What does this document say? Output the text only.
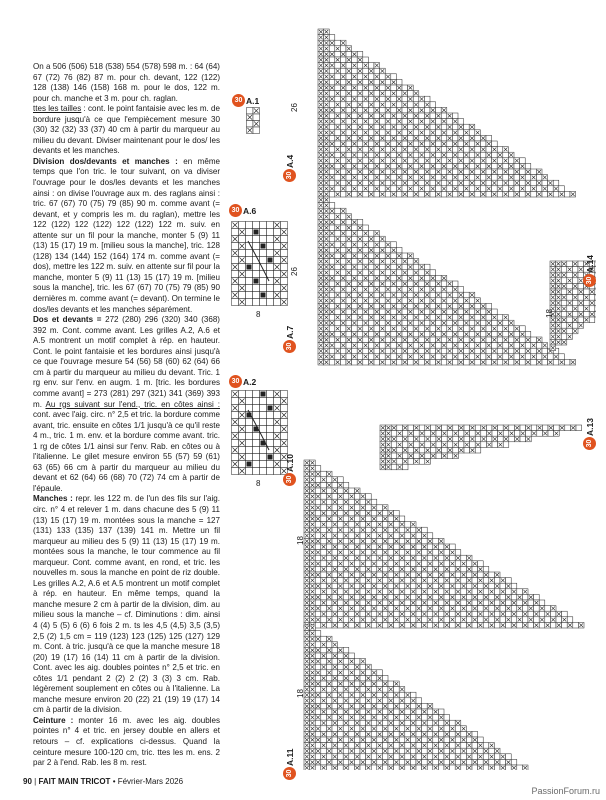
On a 506 (506) 518 (538) 554 (578) 598 m. : 64 (64) 67 (72) 76 (82) 87 m. pour ch. devant, 122 (122) 128 (138) 146 (158) 168 m. pour le dos, 122 m. pour ch. manche et 3 m. pour ch. raglan.

ttes les tailles : cont. le point fantaisie avec les m. de bordure jusqu'à ce que l'empiècement mesure 30 (30) 32 (32) 33 (37) 40 cm à partir du marqueur au milieu du devant. Diviser maintenant pour le dos/ les devants et les manches.

Division dos/devants et manches : en même temps que l'on tric. le tour suivant, on va diviser l'ouvrage pour le dos/les devants et les manches ainsi : on divise l'ouvrage aux m. des raglans ainsi : tric. 67 (67) 70 (75) 79 (85) 90 m. comme avant (= devant, et y compris les m. du raglan), mettre les 122 (122) 122 (122) 122 (122) 122 m. suiv. en attente sur un fil pour la manche, monter 5 (9) 11 (13) 15 (17) 19 m. [milieu sous la manche], tric. 128 (128) 134 (144) 152 (164) 174 m. comme avant (= dos), mettre les 122 m. suiv. en attente sur fil pour la manche, monter 5 (9) 11 (13) 15 (17) 19 m. [milieu sous la manche], tric. les 67 (67) 70 (75) 79 (85) 90 dernières m. comme avant (= devant). On termine le dos/les devants et les manches séparément.

Dos et devants = 272 (280) 296 (320) 340 (368) 392 m. Cont. comme avant. Les grilles A.2, A.6 et A.5 montrent un motif complet à rép. en hauteur. Cont. le point fantaisie et les bordures ainsi jusqu'à ce que l'ouvrage mesure 54 (56) 58 (60) 62 (64) 66 cm à partir du marqueur au milieu du devant. Tric. 1 rg env. sur l'env. en augm. 1 m. [tric. les bordures comme avant] = 273 (281) 297 (321) 341 (369) 393 m. Au rgs suivant sur l'end., tric. en côtes ainsi : cont. avec l'aig. circ. n° 2,5 et tric. la bordure comme avant, tric. ensuite en côtes 1/1 jusqu'à ce qu'il reste 4 m., tric. 1 m. env. et la bordure comme avant. tric. 1 rg de côtes 1/1 ainsi sur l'env. Rab. en côtes ou à l'italienne. Le gilet mesure environ 55 (57) 59 (61) 63 (65) 66 cm à partir du marqueur au milieu du devant et 62 (64) 66 (68) 70 (72) 74 cm à partir de l'épaule.

Manches : repr. les 122 m. de l'un des fils sur l'aig. circ. n° 4 et relever 1 m. dans chacune des 5 (9) 11 (13) 15 (17) 19 m. montées sous la manche = 127 (131) 133 (135) 137 (139) 141 m. Mettre un fil marqueur au milieu des 5 (9) 11 (13) 15 (17) 19 m. montées sous la manche, le tour commence au fil marqueur. Cont. comme avant, en rond, et tric. les nouvelles m. sous la manche en point de riz double. Les grilles A.2, A.6 et A.5 montrent un motif complet à rép. en hauteur. En même temps, quand la manche mesure 2 cm à partir de la division, dim. au milieu sous la manche – cf. Diminutions : dim. ainsi 4 (4) 5 (5) 6 (6) 6 fois 2 m. ts les 4,5 (4,5) 3,5 (3,5) 2,5 (2) 1,5 cm = 119 (123) 123 (125) 125 (127) 129 m. Cont. à tric. jusqu'à ce que la manche mesure 18 (20) 19 (17) 16 (14) 11 cm à partir de la division. Cont. avec les aig. doubles pointes n° 2,5 et tric. en côtes 1/1 pendant 2 (2) 2 (2) 3 (3) 3 cm. Rab. légèrement souplement en côtes ou à l'italienne. La manche mesure environ 20 (22) 21 (19) 19 (17) 14 cm à partir de la division.

Ceinture : monter 16 m. avec les aig. doubles pointes n° 4 et tric. en jersey double en allers et retours – cf. explications ci-dessus. Quand la ceinture mesure 100-120 cm, tric. ttes les m. ens. 2 par 2 à l'end. Rab. les 8 m. rest.

30 A.1
30 A.6
8
30 A.2
8
30
A.4
30
A.7
30
A.14
30
A.13
30
A.10
30
A.11
26
26
18
18
18
90 | FAIT MAIN TRICOT • Février-Mars 2026
PassionForum.ru
